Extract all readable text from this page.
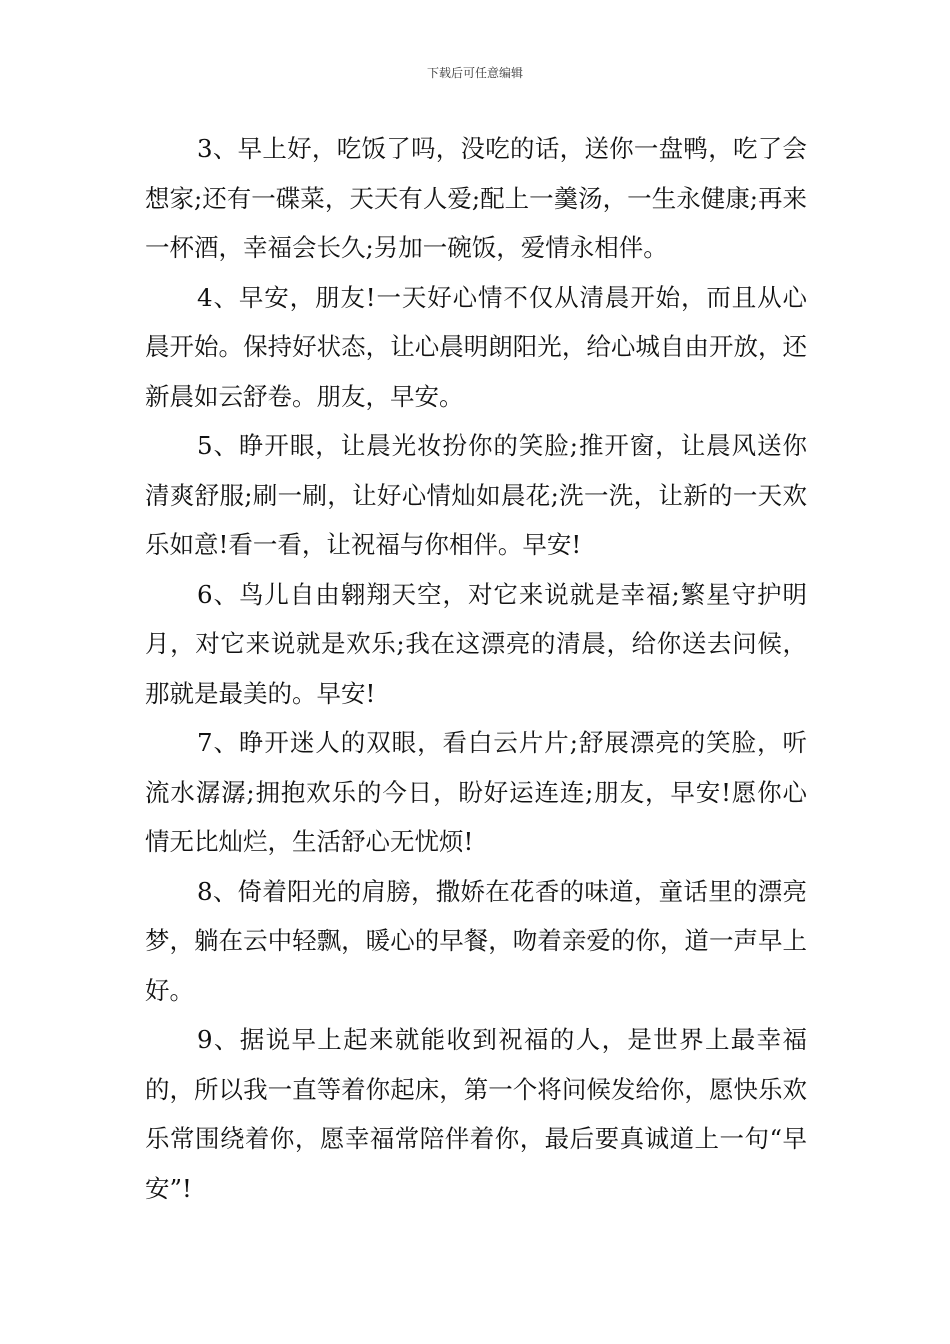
下载后可任意编辑

3、早上好，吃饭了吗，没吃的话，送你一盘鸭，吃了会想家;还有一碟菜，天天有人爱;配上一羹汤，一生永健康;再来一杯酒，幸福会长久;另加一碗饭，爱情永相伴。

4、早安，朋友!一天好心情不仅从清晨开始，而且从心晨开始。保持好状态，让心晨明朗阳光，给心城自由开放，还新晨如云舒卷。朋友，早安。

5、睁开眼，让晨光妆扮你的笑脸;推开窗，让晨风送你清爽舒服;刷一刷，让好心情灿如晨花;洗一洗，让新的一天欢乐如意!看一看，让祝福与你相伴。早安!

6、鸟儿自由翱翔天空，对它来说就是幸福;繁星守护明月，对它来说就是欢乐;我在这漂亮的清晨，给你送去问候，那就是最美的。早安!

7、睁开迷人的双眼，看白云片片;舒展漂亮的笑脸，听流水潺潺;拥抱欢乐的今日，盼好运连连;朋友，早安!愿你心情无比灿烂，生活舒心无忧烦!

8、倚着阳光的肩膀，撒娇在花香的味道，童话里的漂亮梦，躺在云中轻飘，暖心的早餐，吻着亲爱的你，道一声早上好。

9、据说早上起来就能收到祝福的人，是世界上最幸福的，所以我一直等着你起床，第一个将问候发给你，愿快乐欢乐常围绕着你，愿幸福常陪伴着你，最后要真诚道上一句“早安”!
